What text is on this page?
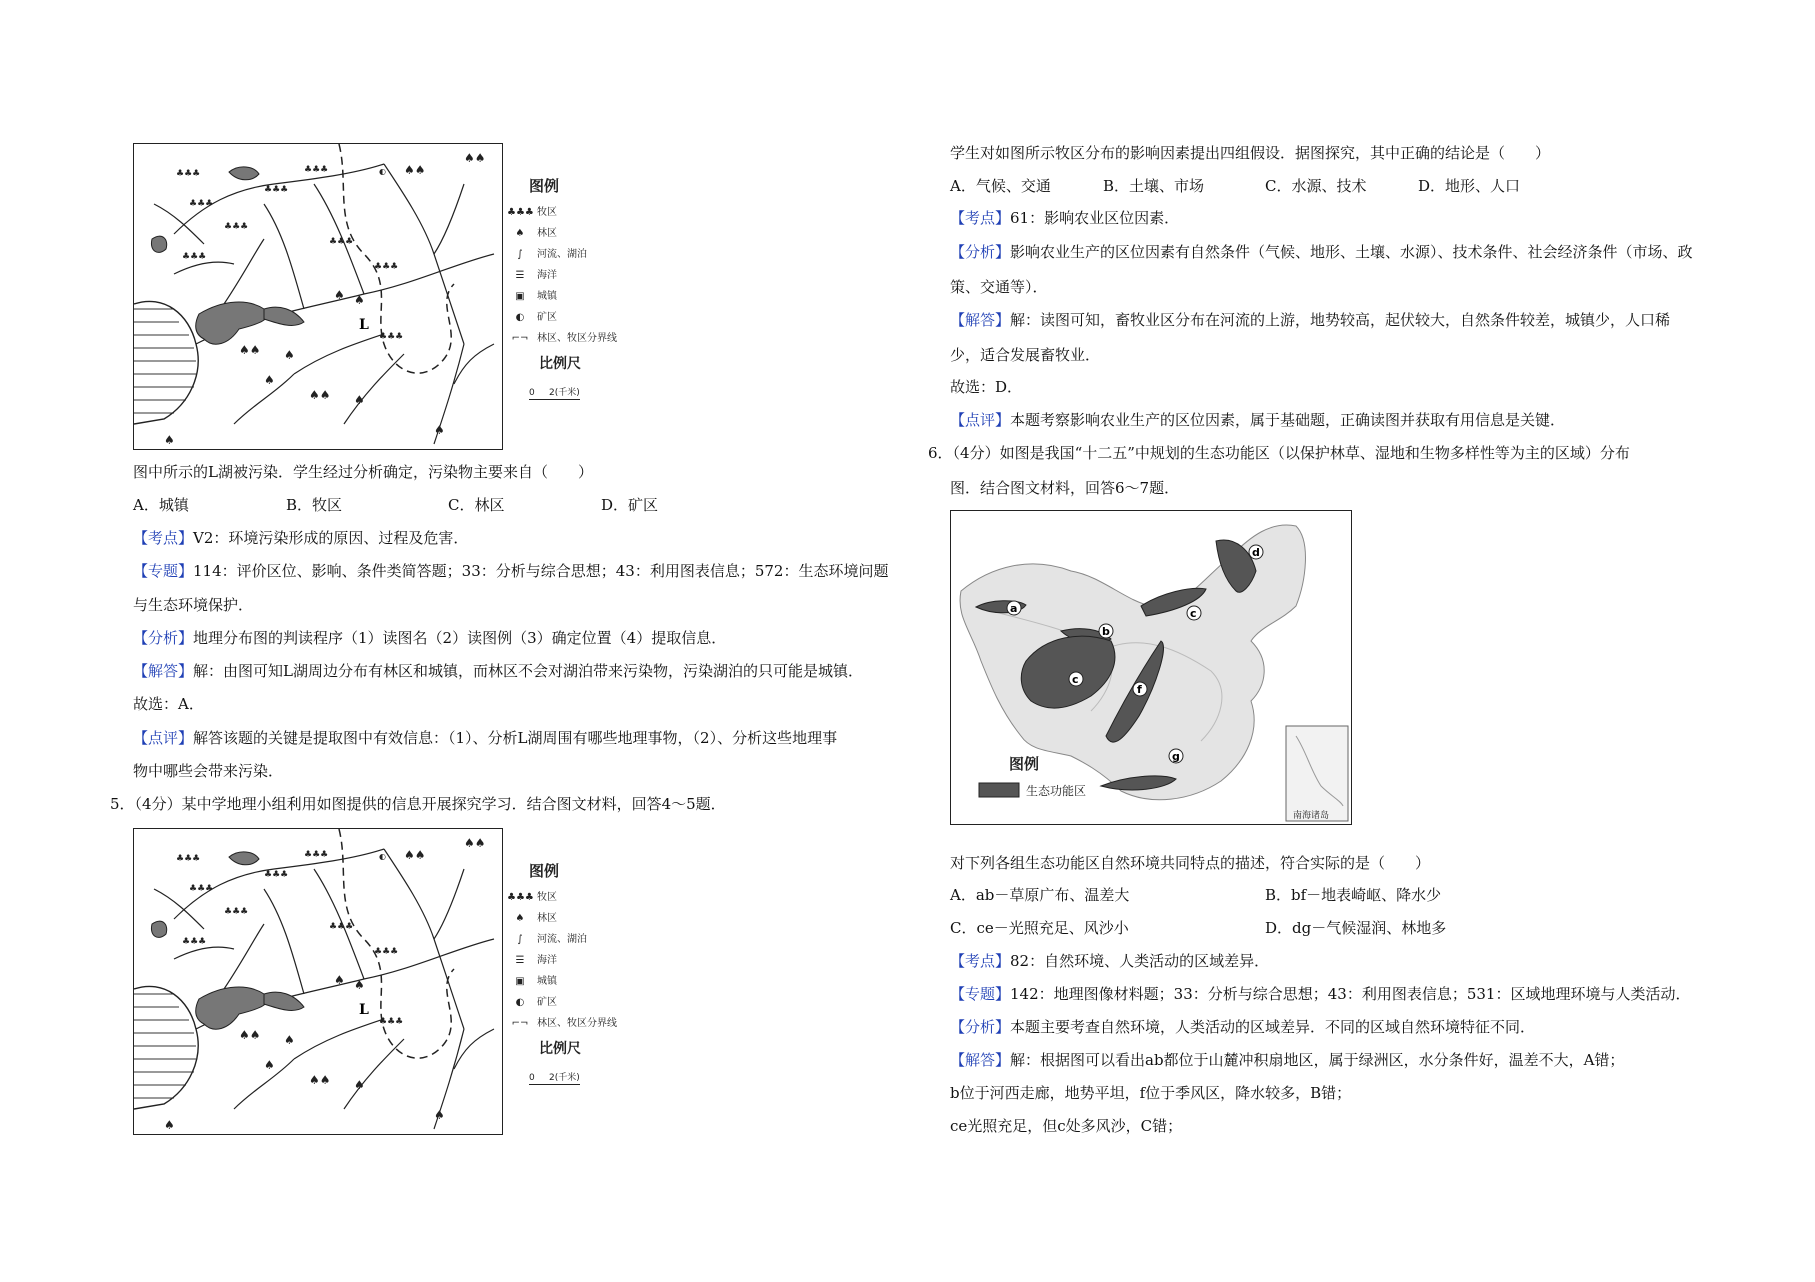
♣♣♣	♣♣♣
♣♣♣
♣♣♣
♣♣♣
♣♣♣
♣♣♣
♣♣♣
♣♣♣
♠♠
♠♠
♠ ♠
♠♠ ♠
♠
♠♠ ♠
♠
♠
◐
L
图例
♣♣♣ 牧区
♠ 林区
∫ 河流、湖泊
☰ 海洋
▣ 城镇
◐ 矿区
⌐¬ 林区、牧区分界线
比例尺
0     2(千米)
图中所示的L湖被污染．学生经过分析确定，污染物主要来自（　　）
A．城镇	B．牧区	C．林区	D．矿区
【考点】V2：环境污染形成的原因、过程及危害．
【专题】114：评价区位、影响、条件类简答题；33：分析与综合思想；43：利用图表信息；572：生态环境问题
与生态环境保护．
【分析】地理分布图的判读程序（1）读图名（2）读图例（3）确定位置（4）提取信息．
【解答】解：由图可知L湖周边分布有林区和城镇，而林区不会对湖泊带来污染物，污染湖泊的只可能是城镇．
故选：A．
【点评】解答该题的关键是提取图中有效信息：（1）、分析L湖周围有哪些地理事物，（2）、分析这些地理事
物中哪些会带来污染．
5．（4分）某中学地理小组利用如图提供的信息开展探究学习．结合图文材料，回答4～5题．
♣♣♣	♣♣♣
♣♣♣
♣♣♣
♣♣♣
♣♣♣
♣♣♣
♣♣♣
♣♣♣
♠♠
♠♠
♠ ♠
♠♠ ♠
♠
♠♠ ♠
♠
♠
◐
L
图例
♣♣♣ 牧区
♠ 林区
∫ 河流、湖泊
☰ 海洋
▣ 城镇
◐ 矿区
⌐¬ 林区、牧区分界线
比例尺
0     2(千米)
学生对如图所示牧区分布的影响因素提出四组假设．据图探究，其中正确的结论是（　　）
A．气候、交通	B．土壤、市场	C．水源、技术	D．地形、人口
【考点】61：影响农业区位因素．
【分析】影响农业生产的区位因素有自然条件（气候、地形、土壤、水源）、技术条件、社会经济条件（市场、政
策、交通等）．
【解答】解：读图可知，畜牧业区分布在河流的上游，地势较高，起伏较大，自然条件较差，城镇少，人口稀
少，适合发展畜牧业．
故选：D．
【点评】本题考察影响农业生产的区位因素，属于基础题，正确读图并获取有用信息是关键．
6．（4分）如图是我国“十二五”中规划的生态功能区（以保护林草、湿地和生物多样性等为主的区域）分布
图．结合图文材料，回答6～7题．
a
b
c
d
c
f
g
南海诸岛
图例
生态功能区
对下列各组生态功能区自然环境共同特点的描述，符合实际的是（　　）
A．ab－草原广布、温差大	B．bf－地表崎岖、降水少
C．ce－光照充足、风沙小	D．dg－气候湿润、林地多
【考点】82：自然环境、人类活动的区域差异．
【专题】142：地理图像材料题；33：分析与综合思想；43：利用图表信息；531：区域地理环境与人类活动．
【分析】本题主要考查自然环境，人类活动的区域差异．不同的区域自然环境特征不同．
【解答】解：根据图可以看出ab都位于山麓冲积扇地区，属于绿洲区，水分条件好，温差不大，A错；
b位于河西走廊，地势平坦，f位于季风区，降水较多，B错；
ce光照充足，但c处多风沙，C错；
